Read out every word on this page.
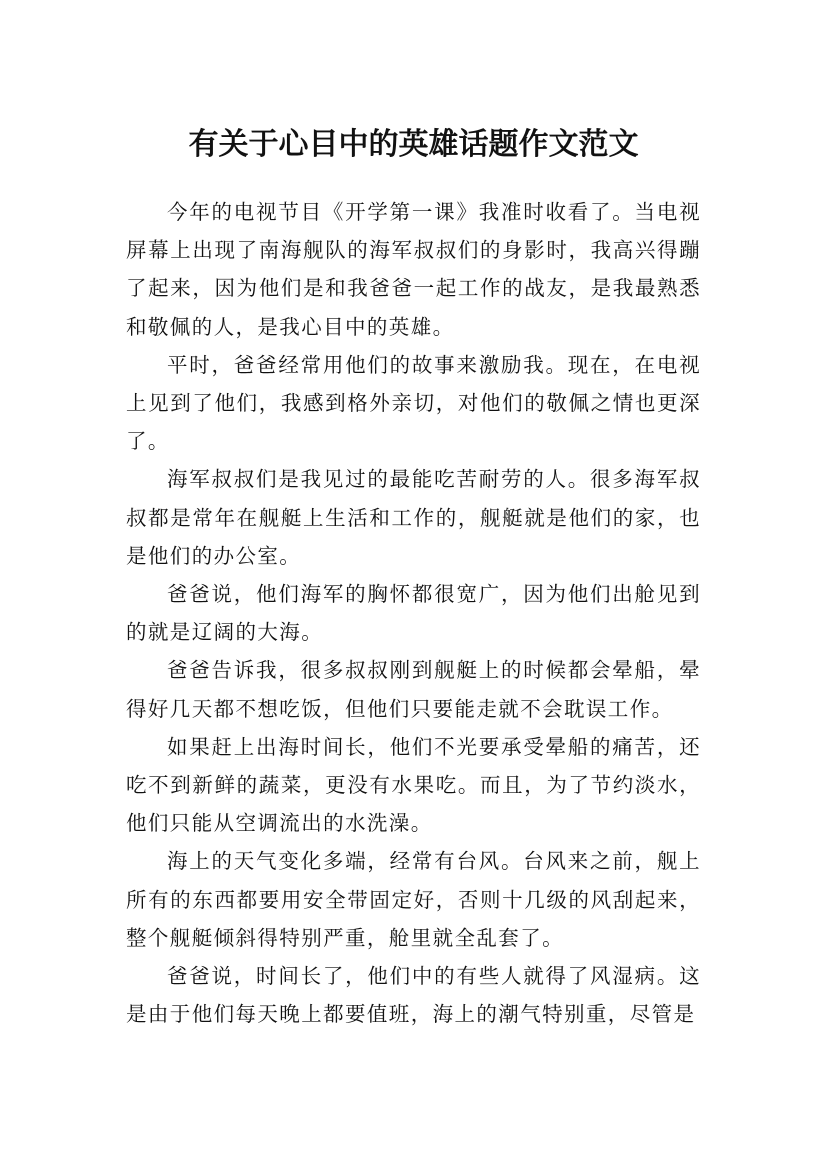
有关于心目中的英雄话题作文范文

今年的电视节目《开学第一课》我准时收看了。当电视屏幕上出现了南海舰队的海军叔叔们的身影时，我高兴得蹦了起来，因为他们是和我爸爸一起工作的战友，是我最熟悉和敬佩的人，是我心目中的英雄。

平时，爸爸经常用他们的故事来激励我。现在，在电视上见到了他们，我感到格外亲切，对他们的敬佩之情也更深了。

海军叔叔们是我见过的最能吃苦耐劳的人。很多海军叔叔都是常年在舰艇上生活和工作的，舰艇就是他们的家，也是他们的办公室。

爸爸说，他们海军的胸怀都很宽广，因为他们出舱见到的就是辽阔的大海。

爸爸告诉我，很多叔叔刚到舰艇上的时候都会晕船，晕得好几天都不想吃饭，但他们只要能走就不会耽误工作。

如果赶上出海时间长，他们不光要承受晕船的痛苦，还吃不到新鲜的蔬菜，更没有水果吃。而且，为了节约淡水，他们只能从空调流出的水洗澡。

海上的天气变化多端，经常有台风。台风来之前，舰上所有的东西都要用安全带固定好，否则十几级的风刮起来，整个舰艇倾斜得特别严重，舱里就全乱套了。

爸爸说，时间长了，他们中的有些人就得了风湿病。这是由于他们每天晚上都要值班，海上的潮气特别重，尽管是
